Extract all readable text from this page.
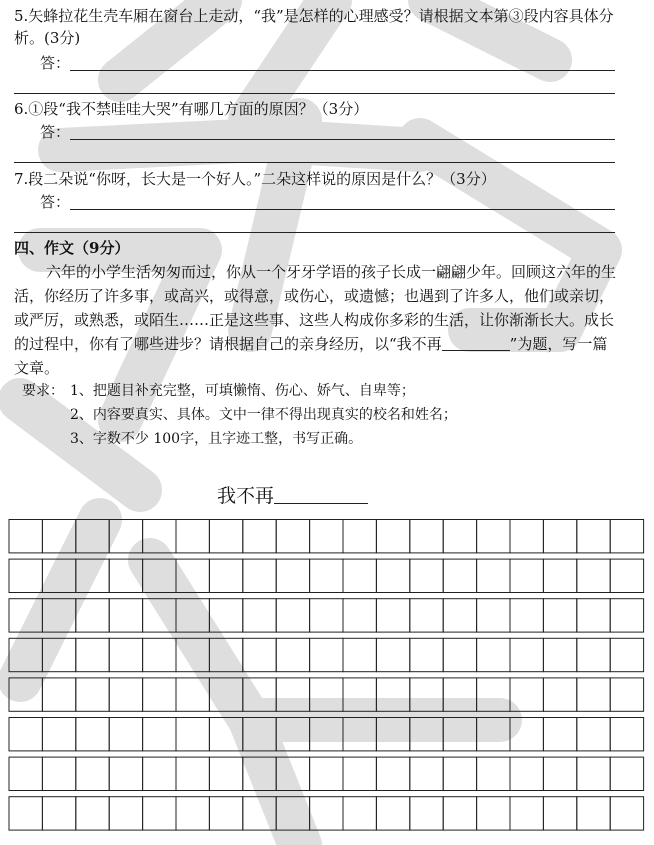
5.矢蜂拉花生壳车厢在窗台上走动，“我”是怎样的心理感受？请根据文本第③段内容具体分
析。(3分)
答：
6.①段“我不禁哇哇大哭”有哪几方面的原因？（3分）
答：
7.段二朵说“你呀，长大是一个好人。”二朵这样说的原因是什么？（3分）
答：
四、作文（9分）
六年的小学生活匆匆而过，你从一个牙牙学语的孩子长成一翩翩少年。回顾这六年的生
活，你经历了许多事，或高兴，或得意，或伤心，或遗憾；也遇到了许多人，他们或亲切，
或严厉，或熟悉，或陌生……正是这些事、这些人构成你多彩的生活，让你渐渐长大。成长
的过程中，你有了哪些进步？请根据自己的亲身经历，以“我不再	”为题，写一篇
文章。
要求： 1、把题目补充完整，可填懒惰、伤心、娇气、自卑等；
2、内容要真实、具体。文中一律不得出现真实的校名和姓名；
3、字数不少 100字，且字迹工整，书写正确。
我不再
